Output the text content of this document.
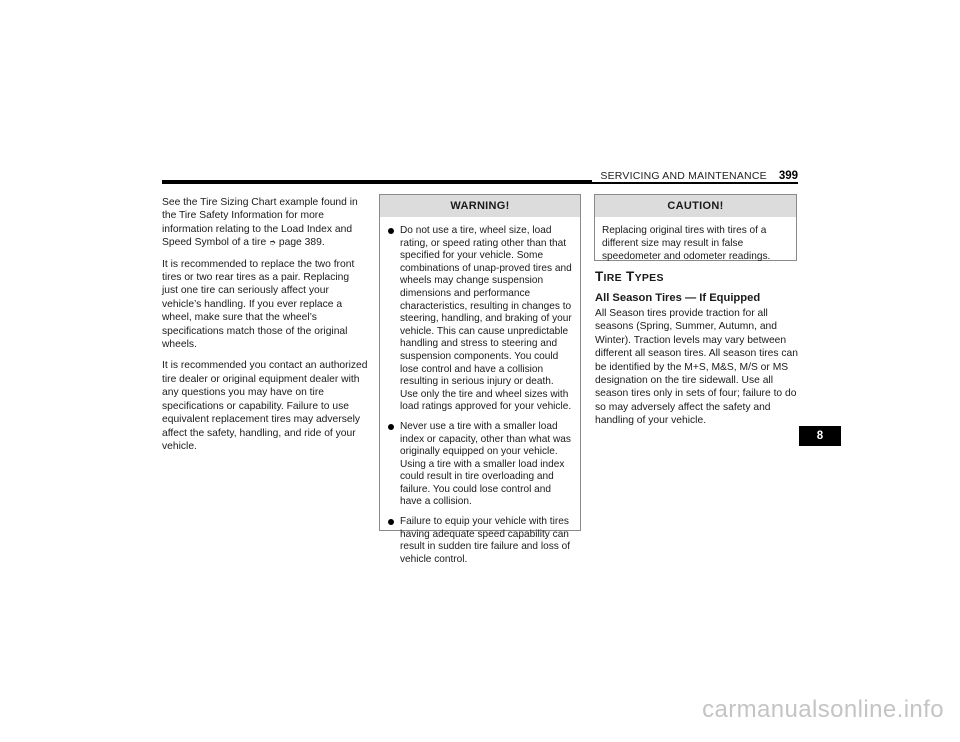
SERVICING AND MAINTENANCE 399

See the Tire Sizing Chart example found in the Tire Safety Information for more information relating to the Load Index and Speed Symbol of a tire ➮ page 389.

It is recommended to replace the two front tires or two rear tires as a pair. Replacing just one tire can seriously affect your vehicle’s handling. If you ever replace a wheel, make sure that the wheel’s specifications match those of the original wheels.

It is recommended you contact an authorized tire dealer or original equipment dealer with any questions you may have on tire specifications or capability. Failure to use equivalent replacement tires may adversely affect the safety, handling, and ride of your vehicle.

WARNING!
Do not use a tire, wheel size, load rating, or speed rating other than that specified for your vehicle. Some combinations of unap-proved tires and wheels may change suspension dimensions and performance characteristics, resulting in changes to steering, handling, and braking of your vehicle. This can cause unpredictable handling and stress to steering and suspension components. You could lose control and have a collision resulting in serious injury or death. Use only the tire and wheel sizes with load ratings approved for your vehicle.
Never use a tire with a smaller load index or capacity, other than what was originally equipped on your vehicle. Using a tire with a smaller load index could result in tire overloading and failure. You could lose control and have a collision.
Failure to equip your vehicle with tires having adequate speed capability can result in sudden tire failure and loss of vehicle control.
CAUTION!
Replacing original tires with tires of a different size may result in false speedometer and odometer readings.
TIRE TYPES
All Season Tires — If Equipped

All Season tires provide traction for all seasons (Spring, Summer, Autumn, and Winter). Traction levels may vary between different all season tires. All season tires can be identified by the M+S, M&S, M/S or MS designation on the tire sidewall. Use all season tires only in sets of four; failure to do so may adversely affect the safety and handling of your vehicle.

8
carmanualsonline.info
